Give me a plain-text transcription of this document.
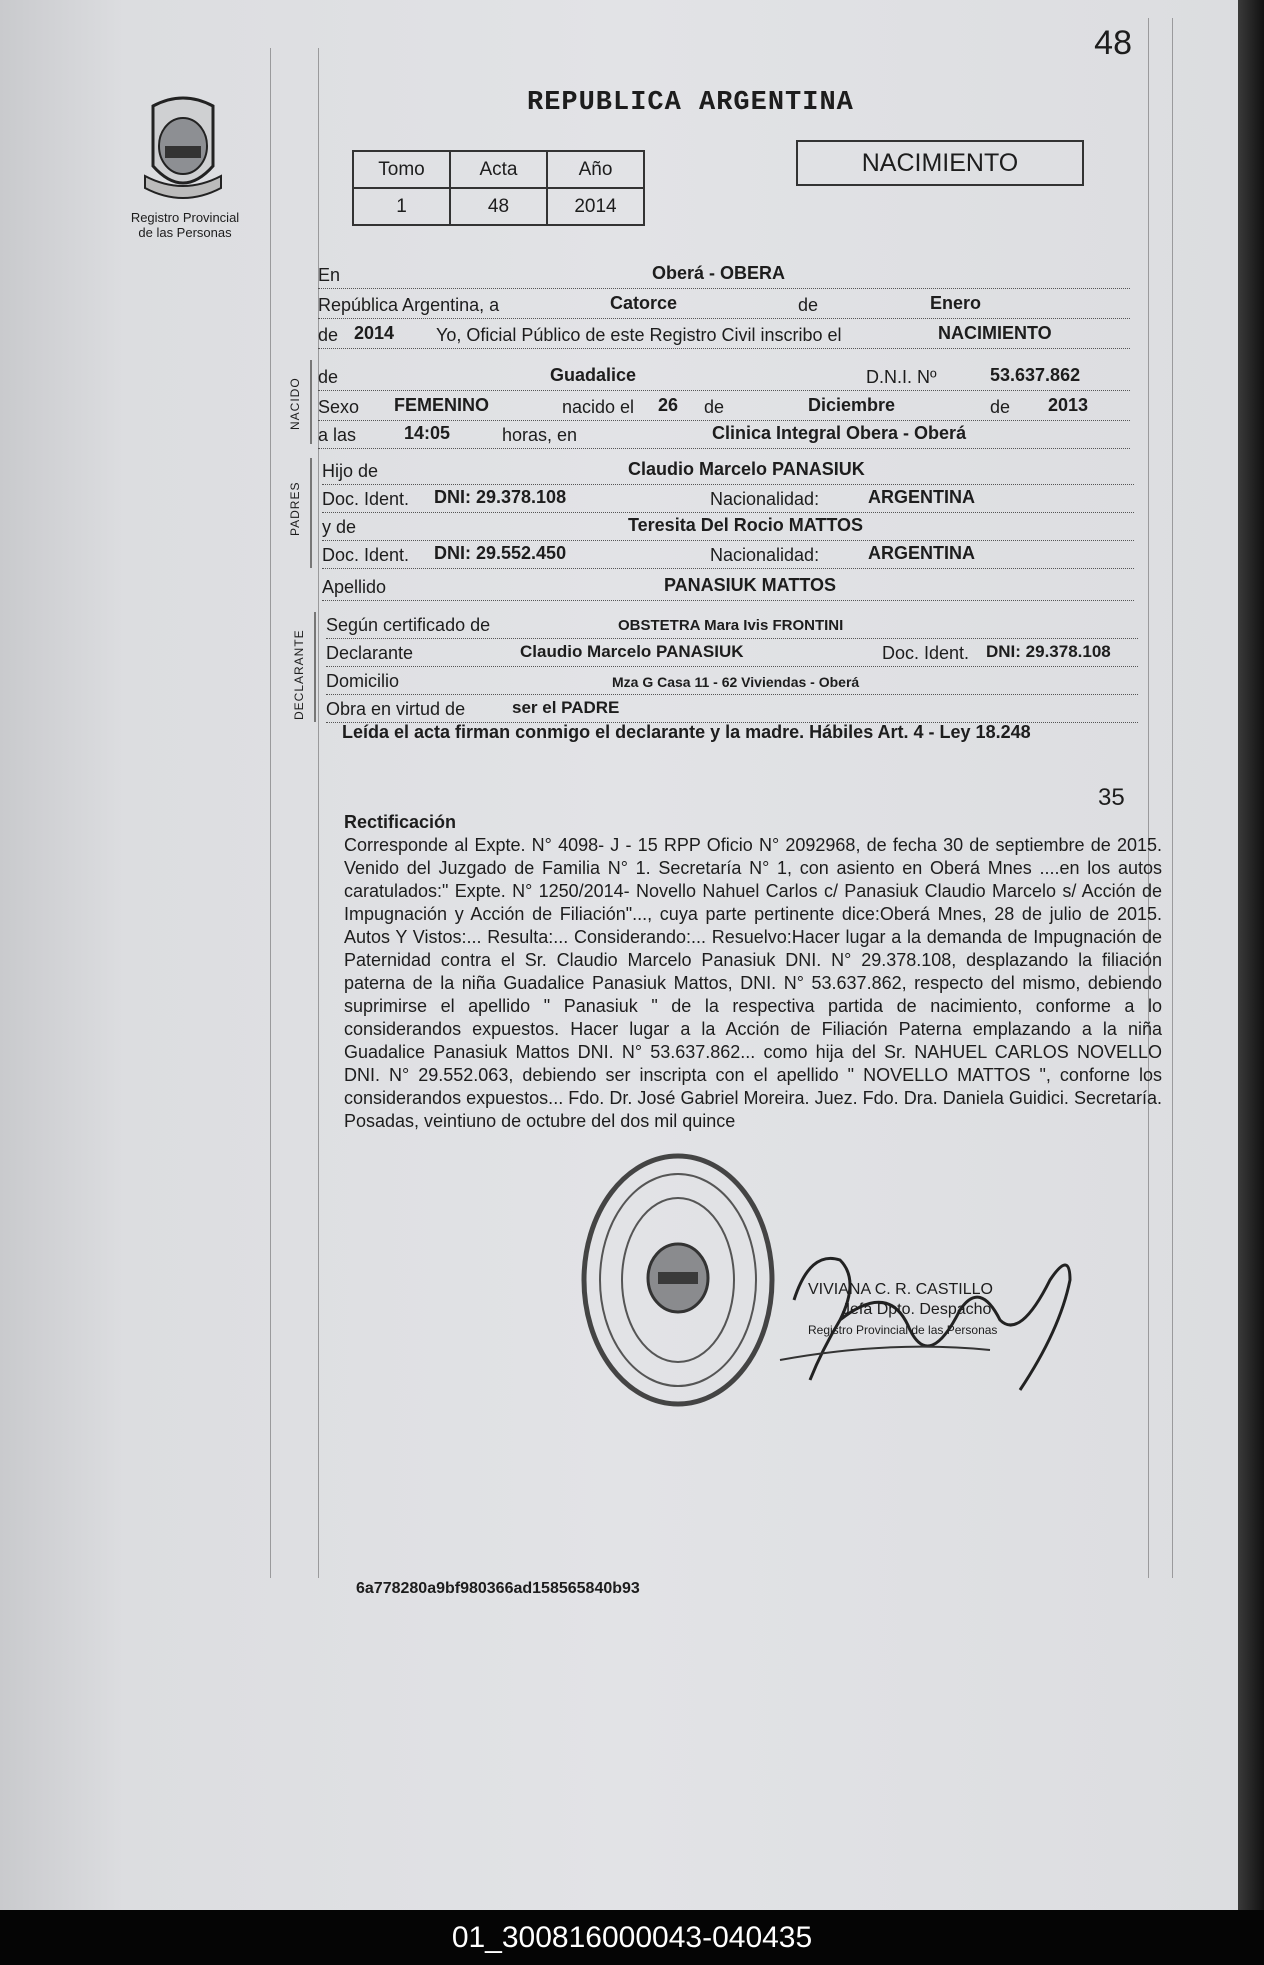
48
Registro Provincial
de las Personas
REPUBLICA ARGENTINA
Tomo	Acta	Año
1	48	2014
NACIMIENTO
En	Oberá - OBERA
República Argentina, a	Catorce	de	Enero
de 2014 Yo, Oficial Público de este Registro Civil inscribo el	NACIMIENTO
NACIDO
de	Guadalice	D.N.I. Nº	53.637.862
Sexo FEMENINO	nacido el 26 de	Diciembre	de 2013
a las	14:05	horas, en	Clinica Integral Obera - Oberá
PADRES
Hijo de	Claudio Marcelo PANASIUK
Doc. Ident. DNI: 29.378.108	Nacionalidad:	ARGENTINA
y de	Teresita Del Rocio MATTOS
Doc. Ident. DNI: 29.552.450	Nacionalidad:	ARGENTINA
Apellido	PANASIUK MATTOS
DECLARANTE
Según certificado de	OBSTETRA Mara Ivis FRONTINI
Declarante	Claudio Marcelo PANASIUK	Doc. Ident. DNI: 29.378.108
Domicilio	Mza G Casa 11 - 62 Viviendas - Oberá
Obra en virtud de	ser el PADRE
Leída el acta firman conmigo el declarante y la madre. Hábiles Art. 4 - Ley 18.248
35
Rectificación
Corresponde al Expte. N° 4098- J - 15 RPP Oficio N° 2092968, de fecha 30 de septiembre de 2015. Venido del Juzgado de Familia N° 1. Secretaría N° 1, con asiento en Oberá Mnes ....en los autos caratulados:" Expte. N° 1250/2014- Novello Nahuel Carlos c/ Panasiuk Claudio Marcelo s/ Acción de Impugnación y Acción de Filiación"..., cuya parte pertinente dice:Oberá Mnes, 28 de julio de 2015. Autos Y Vistos:... Resulta:... Considerando:... Resuelvo:Hacer lugar a la demanda de Impugnación de Paternidad contra el Sr. Claudio Marcelo Panasiuk DNI. N° 29.378.108, desplazando la filiación paterna de la niña Guadalice Panasiuk Mattos, DNI. N° 53.637.862, respecto del mismo, debiendo suprimirse el apellido " Panasiuk " de la respectiva partida de nacimiento, conforme a lo considerandos expuestos. Hacer lugar a la Acción de Filiación Paterna emplazando a la niña Guadalice Panasiuk Mattos DNI. N° 53.637.862... como hija del Sr. NAHUEL CARLOS NOVELLO DNI. N° 29.552.063, debiendo ser inscripta con el apellido " NOVELLO MATTOS ", conforne los considerandos expuestos... Fdo. Dr. José Gabriel Moreira. Juez. Fdo. Dra. Daniela Guidici. Secretaría. Posadas, veintiuno de octubre del dos mil quince
VIVIANA C. R. CASTILLO
Jefa Dpto. Despacho
Registro Provincial de las Personas
6a778280a9bf980366ad158565840b93
01_300816000043-040435
